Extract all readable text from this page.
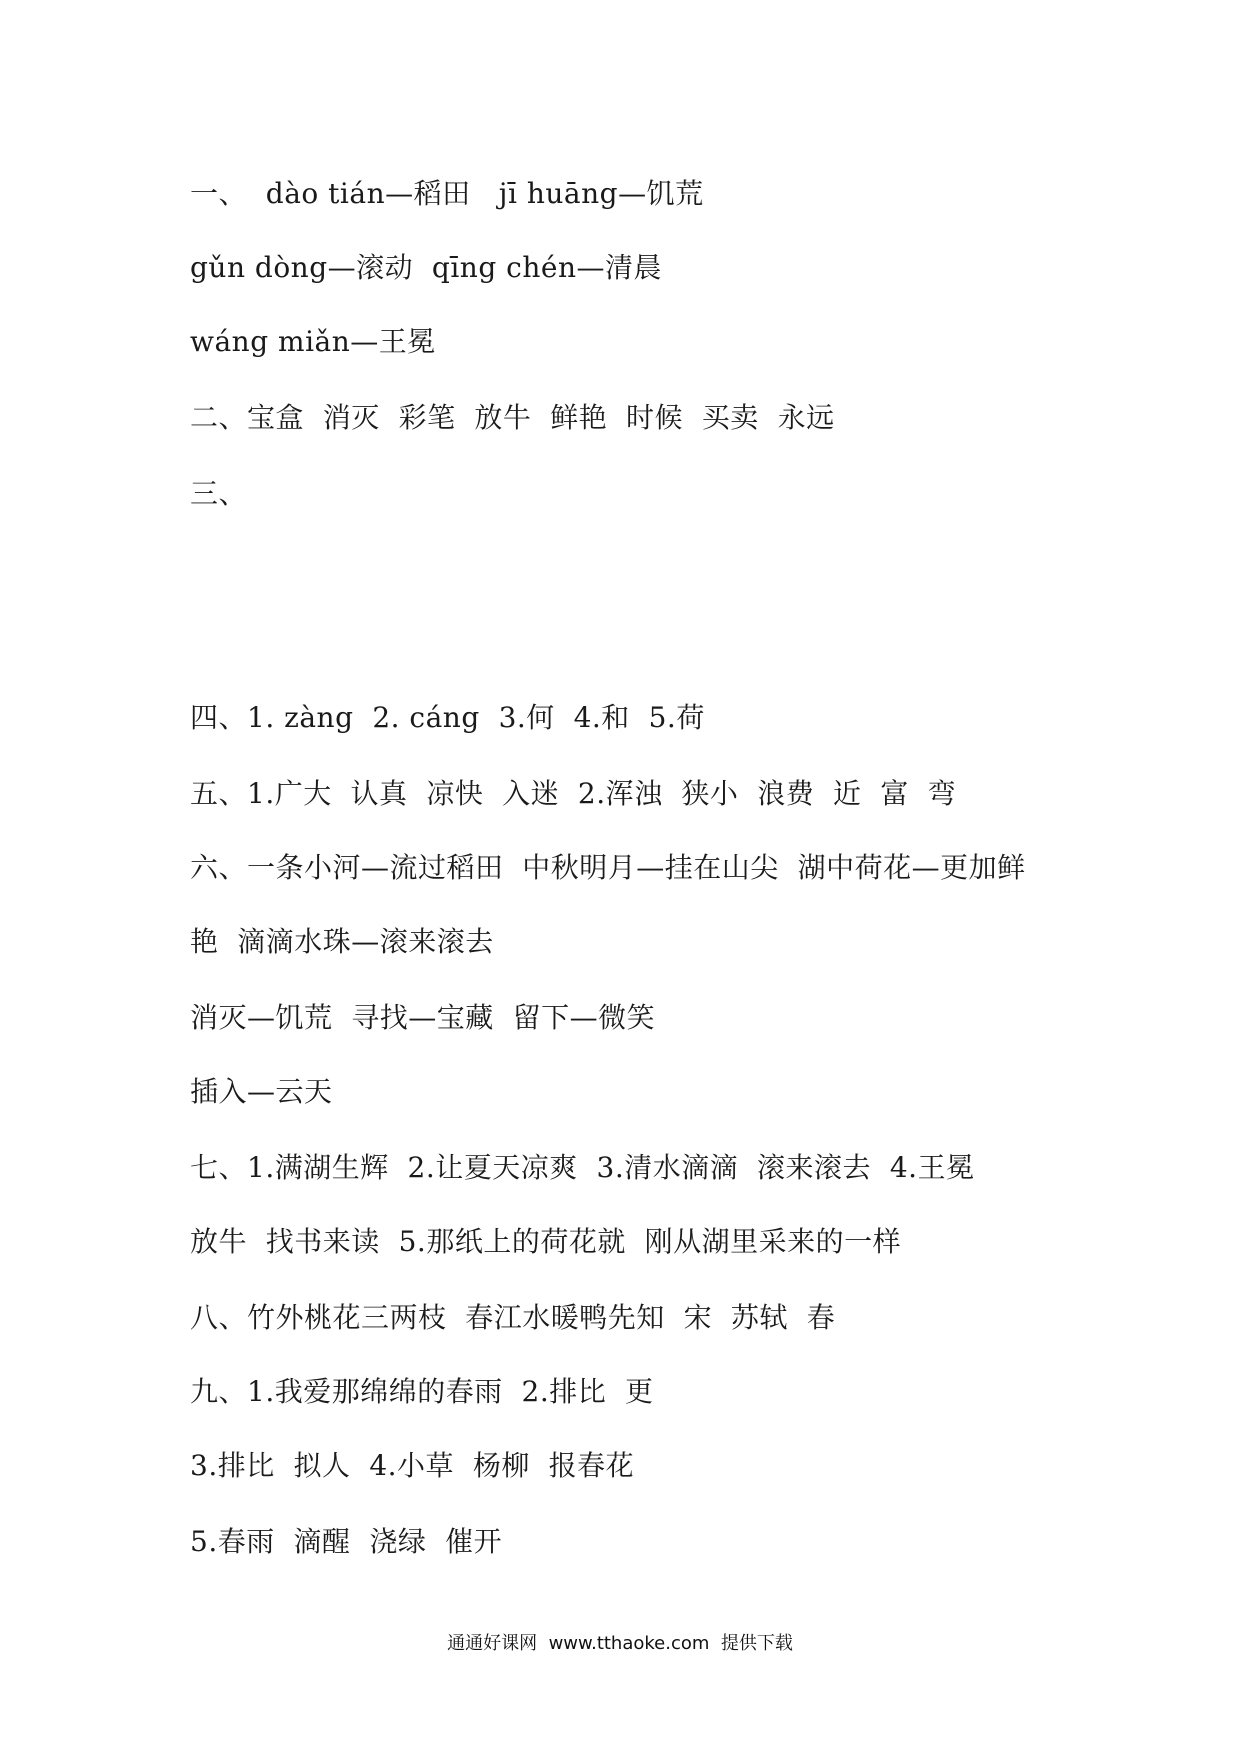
一、  dào tián—稻田   jī huāng—饥荒
gǔn dòng—滚动  qīng chén—清晨
wáng miǎn—王冕
二、宝盒  消灭  彩笔  放牛  鲜艳  时候  买卖  永远
三、
四、1. zàng  2. cáng  3.何  4.和  5.荷
五、1.广大  认真  凉快  入迷  2.浑浊  狭小  浪费  近  富  弯
六、一条小河—流过稻田  中秋明月—挂在山尖  湖中荷花—更加鲜
艳  滴滴水珠—滚来滚去
消灭—饥荒  寻找—宝藏  留下—微笑
插入—云天
七、1.满湖生辉  2.让夏天凉爽  3.清水滴滴  滚来滚去  4.王冕
放牛  找书来读  5.那纸上的荷花就  刚从湖里采来的一样
八、竹外桃花三两枝  春江水暖鸭先知  宋  苏轼  春
九、1.我爱那绵绵的春雨  2.排比  更
3.排比  拟人  4.小草  杨柳  报春花
5.春雨  滴醒  浇绿  催开
通通好课网  www.tthaoke.com  提供下载
